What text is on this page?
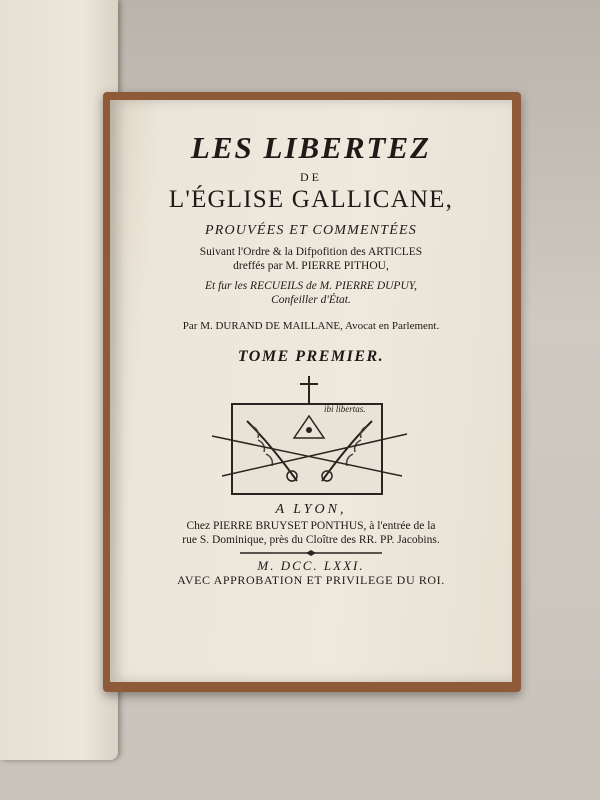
LES LIBERTEZ
DE
L'ÉGLISE GALLICANE,
PROUVÉES ET COMMENTÉES
Suivant l'Ordre & la Difpofition des ARTICLES
dreffés par M. PIERRE PITHOU,
Et fur les RECUEILS de M. PIERRE DUPUY,
Confeiller d'État.
Par M. DURAND DE MAILLANE, Avocat en Parlement.
TOME PREMIER.
ibi libertas.
A LYON,
Chez PIERRE BRUYSET PONTHUS, à l'entrée de la
rue S. Dominique, près du Cloître des RR. PP. Jacobins.
M. DCC. LXXI.
AVEC APPROBATION ET PRIVILEGE DU ROI.
